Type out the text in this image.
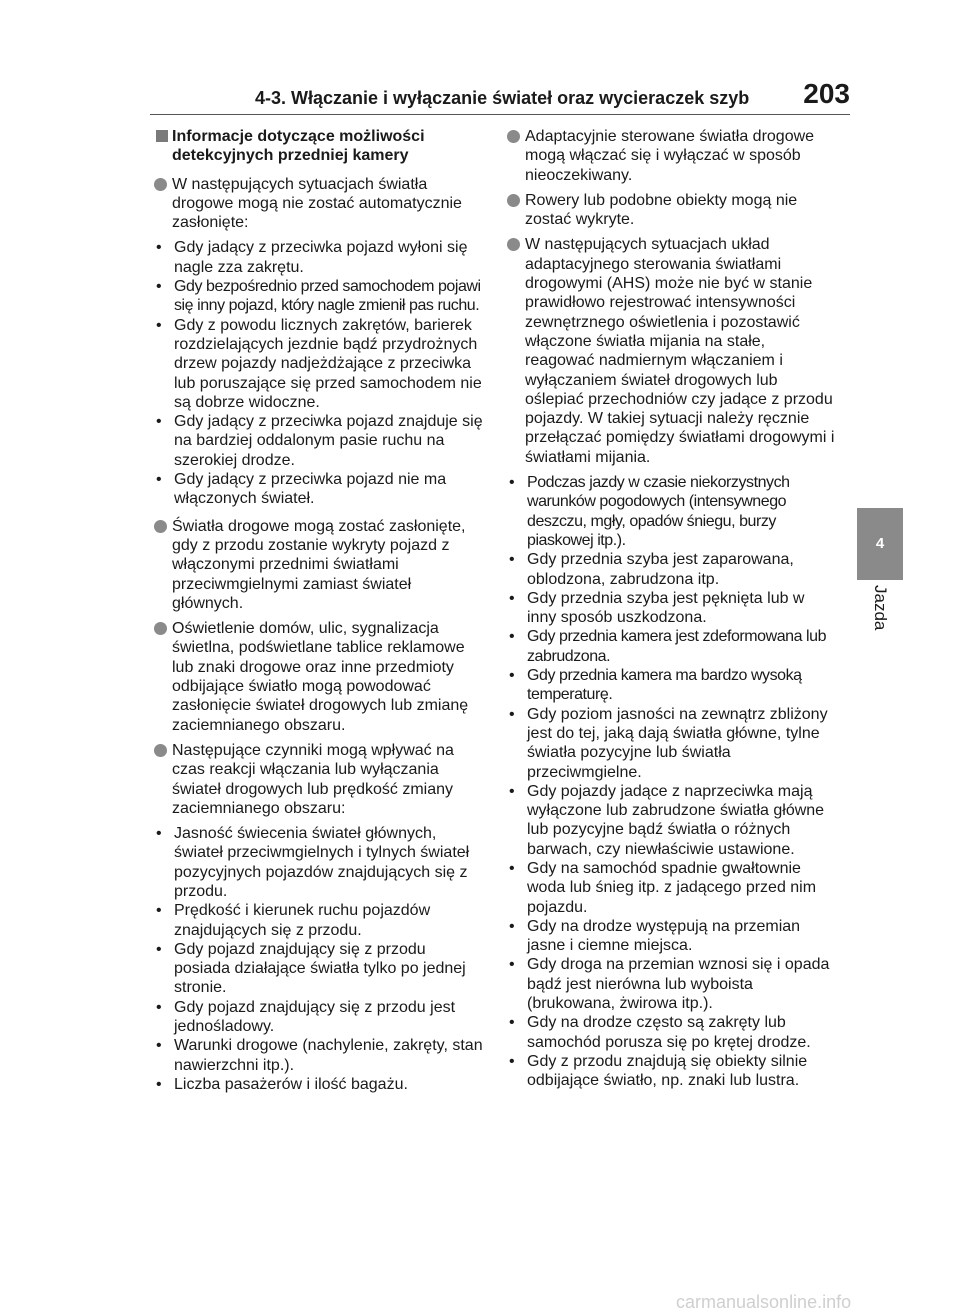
4-3. Włączanie i wyłączanie świateł oraz wycieraczek szyb 203
4
Jazda
Informacje dotyczące możliwości detekcyjnych przedniej kamery
W następujących sytuacjach światła drogowe mogą nie zostać automatycznie zasłonięte:
• Gdy jadący z przeciwka pojazd wyłoni się nagle zza zakrętu.
• Gdy bezpośrednio przed samochodem pojawi się inny pojazd, który nagle zmienił pas ruchu.
• Gdy z powodu licznych zakrętów, barierek rozdzielających jezdnie bądź przydrożnych drzew pojazdy nadjeżdżające z przeciwka lub poruszające się przed samochodem nie są dobrze widoczne.
• Gdy jadący z przeciwka pojazd znajduje się na bardziej oddalonym pasie ruchu na szerokiej drodze.
• Gdy jadący z przeciwka pojazd nie ma włączonych świateł.
Światła drogowe mogą zostać zasłonięte, gdy z przodu zostanie wykryty pojazd z włączonymi przednimi światłami przeciwmgielnymi zamiast świateł głównych.
Oświetlenie domów, ulic, sygnalizacja świetlna, podświetlane tablice reklamowe lub znaki drogowe oraz inne przedmioty odbijające światło mogą powodować zasłonięcie świateł drogowych lub zmianę zaciemnianego obszaru.
Następujące czynniki mogą wpływać na czas reakcji włączania lub wyłączania świateł drogowych lub prędkość zmiany zaciemnianego obszaru:
• Jasność świecenia świateł głównych, świateł przeciwmgielnych i tylnych świateł pozycyjnych pojazdów znajdujących się z przodu.
• Prędkość i kierunek ruchu pojazdów znajdujących się z przodu.
• Gdy pojazd znajdujący się z przodu posiada działające światła tylko po jednej stronie.
• Gdy pojazd znajdujący się z przodu jest jednośladowy.
• Warunki drogowe (nachylenie, zakręty, stan nawierzchni itp.).
• Liczba pasażerów i ilość bagażu.
Adaptacyjnie sterowane światła drogowe mogą włączać się i wyłączać w sposób nieoczekiwany.
Rowery lub podobne obiekty mogą nie zostać wykryte.
W następujących sytuacjach układ adaptacyjnego sterowania światłami drogowymi (AHS) może nie być w stanie prawidłowo rejestrować intensywności zewnętrznego oświetlenia i pozostawić włączone światła mijania na stałe, reagować nadmiernym włączaniem i wyłączaniem świateł drogowych lub oślepiać przechodniów czy jadące z przodu pojazdy. W takiej sytuacji należy ręcznie przełączać pomiędzy światłami drogowymi i światłami mijania.
• Podczas jazdy w czasie niekorzystnych warunków pogodowych (intensywnego deszczu, mgły, opadów śniegu, burzy piaskowej itp.).
• Gdy przednia szyba jest zaparowana, oblodzona, zabrudzona itp.
• Gdy przednia szyba jest pęknięta lub w inny sposób uszkodzona.
• Gdy przednia kamera jest zdeformowana lub zabrudzona.
• Gdy przednia kamera ma bardzo wysoką temperaturę.
• Gdy poziom jasności na zewnątrz zbliżony jest do tej, jaką dają światła główne, tylne światła pozycyjne lub światła przeciwmgielne.
• Gdy pojazdy jadące z naprzeciwka mają wyłączone lub zabrudzone światła główne lub pozycyjne bądź światła o różnych barwach, czy niewłaściwie ustawione.
• Gdy na samochód spadnie gwałtownie woda lub śnieg itp. z jadącego przed nim pojazdu.
• Gdy na drodze występują na przemian jasne i ciemne miejsca.
• Gdy droga na przemian wznosi się i opada bądź jest nierówna lub wyboista (brukowana, żwirowa itp.).
• Gdy na drodze często są zakręty lub samochód porusza się po krętej drodze.
• Gdy z przodu znajdują się obiekty silnie odbijające światło, np. znaki lub lustra.
carmanualsonline.info
